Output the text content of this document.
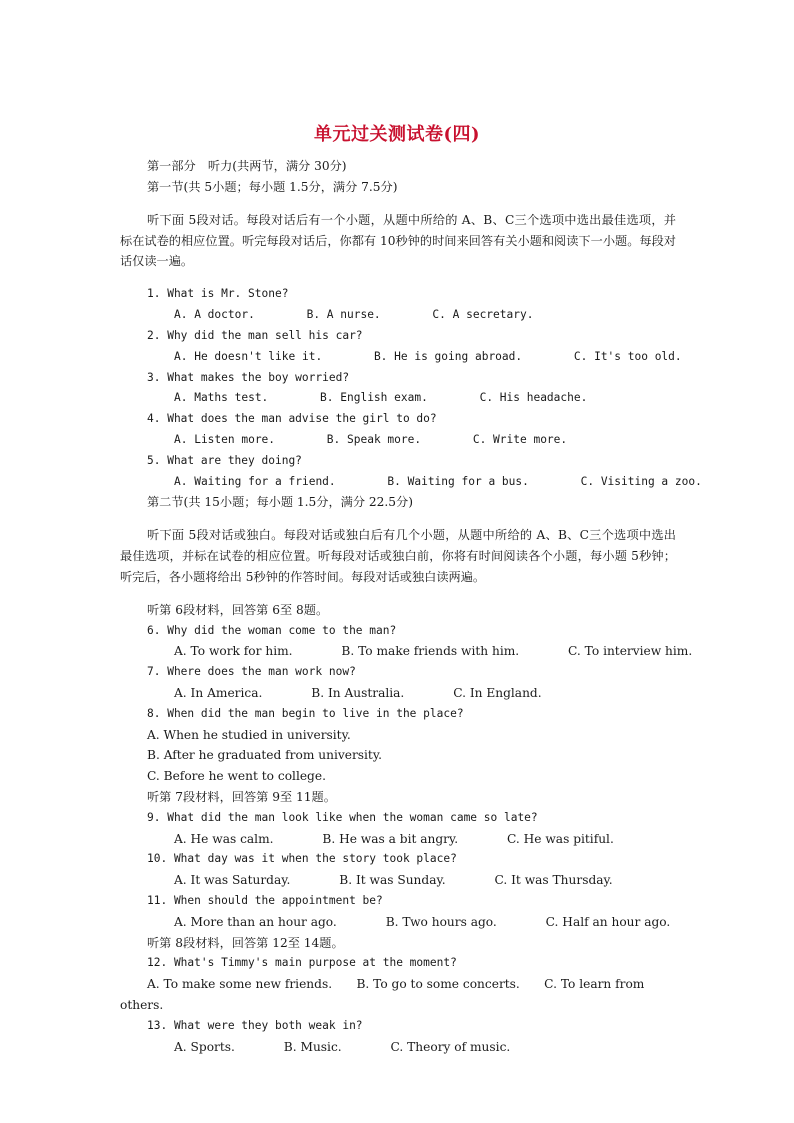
单元过关测试卷(四)

第一部分　听力(共两节，满分 30分)

第一节(共 5小题；每小题 1.5分，满分 7.5分)

听下面 5段对话。每段对话后有一个小题，从题中所给的 A、B、C三个选项中选出最佳选项，并标在试卷的相应位置。听完每段对话后，你都有 10秒钟的时间来回答有关小题和阅读下一小题。每段对话仅读一遍。

1. What is Mr. Stone?

A. A doctor.	B. A nurse.	C. A secretary.

2. Why did the man sell his car?

A. He doesn't like it.	B. He is going abroad.	C. It's too old.

3. What makes the boy worried?

A. Maths test.	B. English exam.	C. His headache.

4. What does the man advise the girl to do?

A. Listen more.	B. Speak more.	C. Write more.

5. What are they doing?

A. Waiting for a friend.	B. Waiting for a bus.	C. Visiting a zoo.

第二节(共 15小题；每小题 1.5分，满分 22.5分)

听下面 5段对话或独白。每段对话或独白后有几个小题，从题中所给的 A、B、C三个选项中选出最佳选项，并标在试卷的相应位置。听每段对话或独白前，你将有时间阅读各个小题，每小题 5秒钟；听完后，各小题将给出 5秒钟的作答时间。每段对话或独白读两遍。

听第 6段材料，回答第 6至 8题。

6. Why did the woman come to the man?

A. To work for him.	B. To make friends with him.	C. To interview him.

7. Where does the man work now?

A. In America.	B. In Australia.	C. In England.

8. When did the man begin to live in the place?

A. When he studied in university.

B. After he graduated from university.

C. Before he went to college.

听第 7段材料，回答第 9至 11题。

9. What did the man look like when the woman came so late?

A. He was calm.	B. He was a bit angry.	C. He was pitiful.

10. What day was it when the story took place?

A. It was Saturday.	B. It was Sunday.	C. It was Thursday.

11. When should the appointment be?

A. More than an hour ago.	B. Two hours ago.	C. Half an hour ago.

听第 8段材料，回答第 12至 14题。

12. What's Timmy's main purpose at the moment?

A. To make some new friends.　　B. To go to some concerts.　　C. To learn from

others.

13. What were they both weak in?

A. Sports.	B. Music.	C. Theory of music.
